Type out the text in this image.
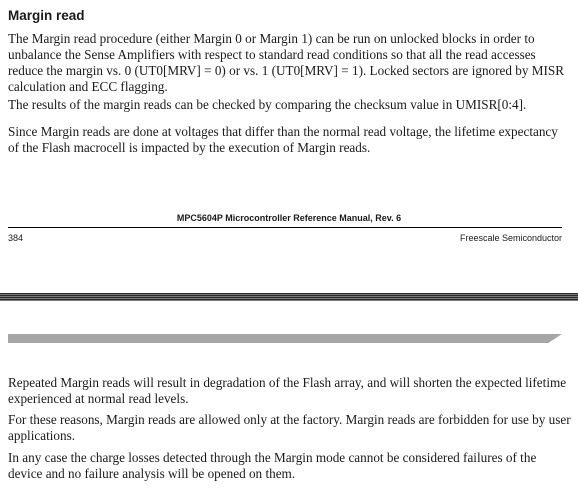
Margin read

The Margin read procedure (either Margin 0 or Margin 1) can be run on unlocked blocks in order to unbalance the Sense Amplifiers with respect to standard read conditions so that all the read accesses reduce the margin vs. 0 (UT0[MRV] = 0) or vs. 1 (UT0[MRV] = 1). Locked sectors are ignored by MISR calculation and ECC flagging.

The results of the margin reads can be checked by comparing the checksum value in UMISR[0:4].

Since Margin reads are done at voltages that differ than the normal read voltage, the lifetime expectancy of the Flash macrocell is impacted by the execution of Margin reads.

MPC5604P Microcontroller Reference Manual, Rev. 6
384	Freescale Semiconductor

Repeated Margin reads will result in degradation of the Flash array, and will shorten the expected lifetime experienced at normal read levels.

For these reasons, Margin reads are allowed only at the factory. Margin reads are forbidden for use by user applications.

In any case the charge losses detected through the Margin mode cannot be considered failures of the device and no failure analysis will be opened on them.
